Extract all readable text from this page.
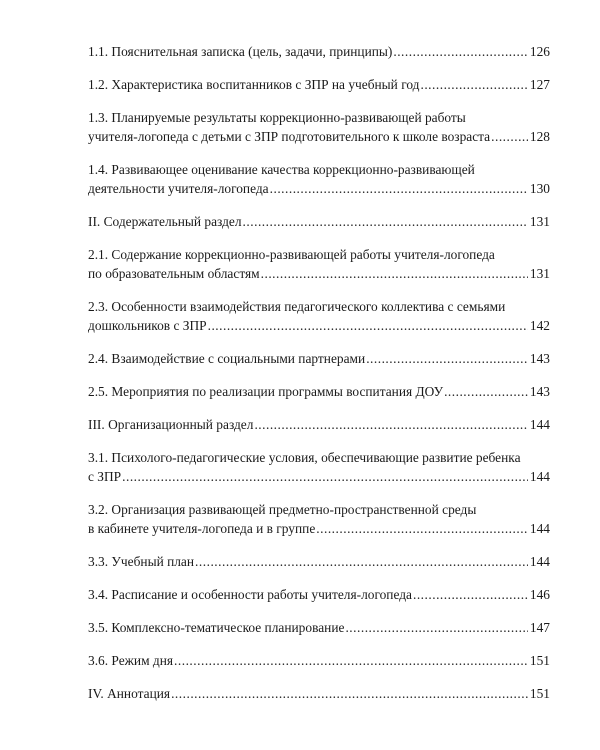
1.1. Пояснительная записка (цель, задачи, принципы) .....	126
1.2. Характеристика воспитанников с ЗПР на учебный год .....	127
1.3. Планируемые результаты коррекционно-развивающей работы
учителя-логопеда с детьми с ЗПР подготовительного к школе возраста .....	128
1.4. Развивающее оценивание качества коррекционно-развивающей
деятельности учителя-логопеда .....	130
II. Содержательный раздел .....	131
2.1. Содержание коррекционно-развивающей работы учителя-логопеда
по образовательным областям .....	131
2.3. Особенности взаимодействия педагогического коллектива с семьями
дошкольников с ЗПР .....	142
2.4. Взаимодействие с социальными партнерами .....	143
2.5. Мероприятия по реализации программы воспитания ДОУ .....	143
III. Организационный раздел .....	144
3.1. Психолого-педагогические условия, обеспечивающие развитие ребенка
с ЗПР .....	144
3.2. Организация развивающей предметно-пространственной среды
в кабинете учителя-логопеда и в группе .....	144
3.3. Учебный план .....	144
3.4. Расписание и особенности работы учителя-логопеда .....	146
3.5. Комплексно-тематическое планирование .....	147
3.6. Режим дня .....	151
IV. Аннотация .....	151
